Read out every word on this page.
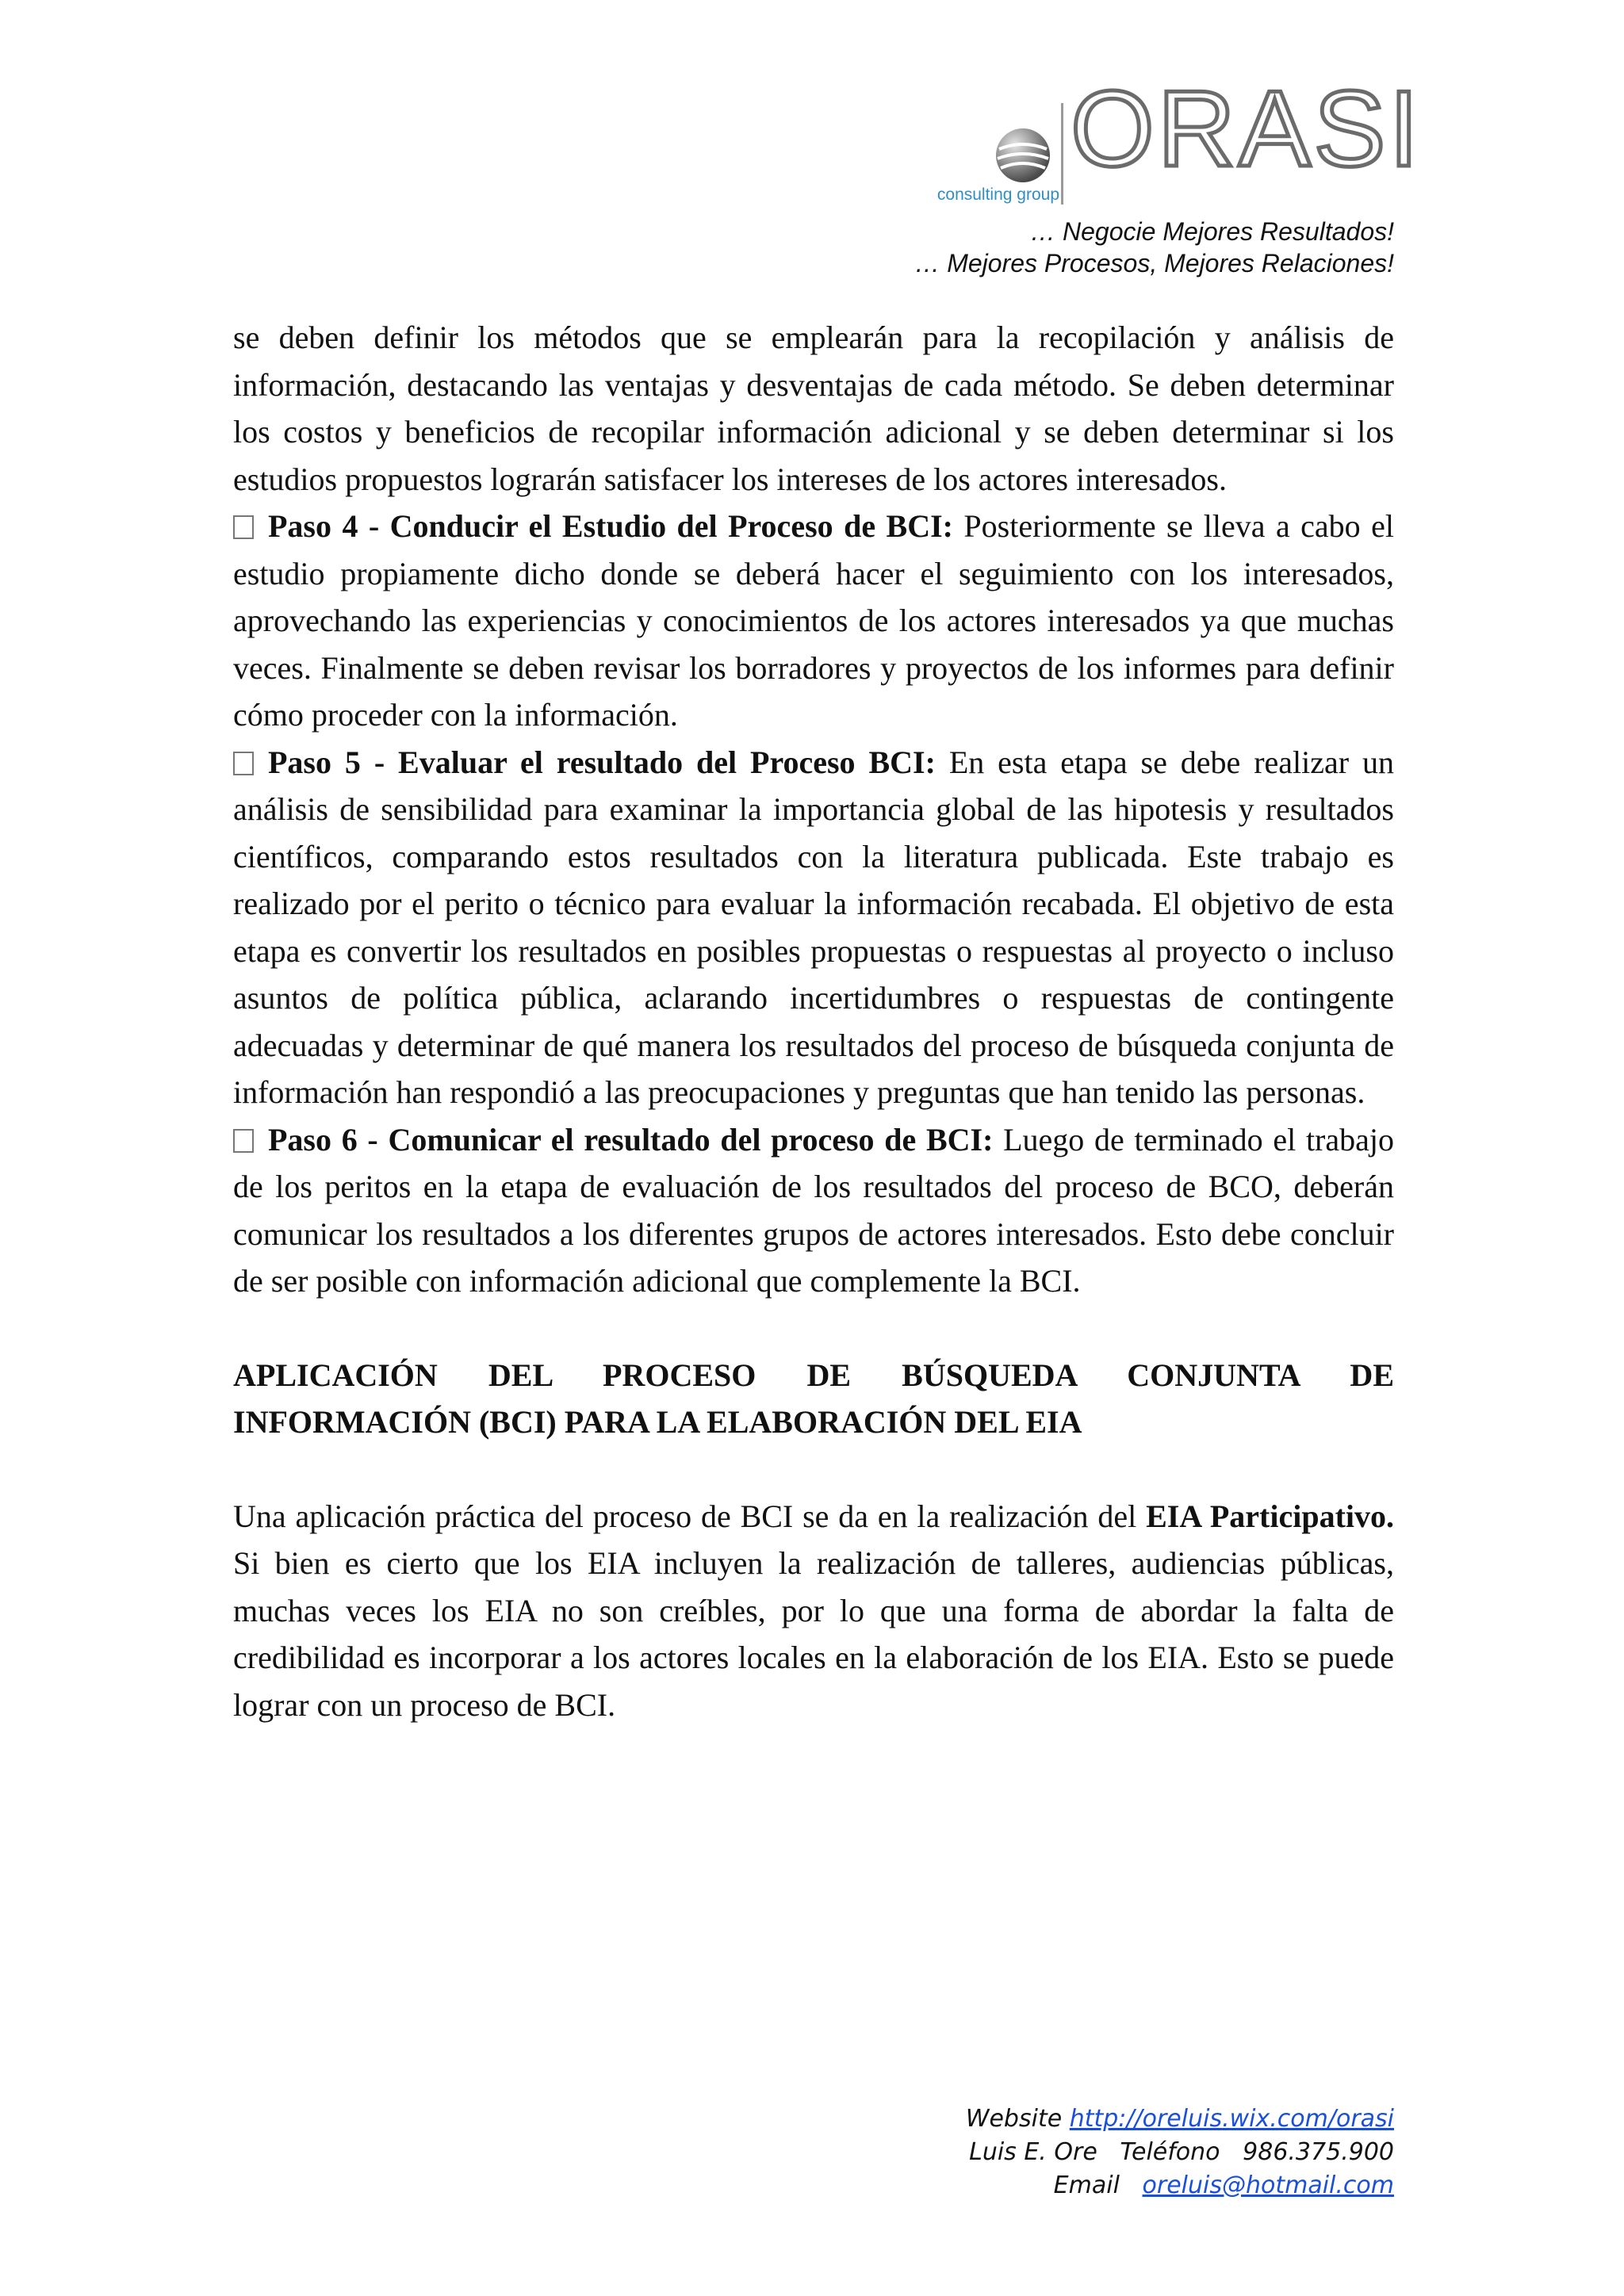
ORASI
consulting group
… Negocie Mejores Resultados!
… Mejores Procesos, Mejores Relaciones!

se deben definir los métodos que se emplearán para la recopilación y análisis de información, destacando las ventajas y desventajas de cada método. Se deben determinar los costos y beneficios de recopilar información adicional y se deben determinar si los estudios propuestos lograrán satisfacer los intereses de los actores interesados.

Paso 4 - Conducir el Estudio del Proceso de BCI: Posteriormente se lleva a cabo el estudio propiamente dicho donde se deberá hacer el seguimiento con los interesados, aprovechando las experiencias y conocimientos de los actores interesados ya que muchas veces. Finalmente se deben revisar los borradores y proyectos de los informes para definir cómo proceder con la información.

Paso 5 - Evaluar el resultado del Proceso BCI: En esta etapa se debe realizar un análisis de sensibilidad para examinar la importancia global de las hipotesis y resultados científicos, comparando estos resultados con la literatura publicada. Este trabajo es realizado por el perito o técnico para evaluar la información recabada. El objetivo de esta etapa es convertir los resultados en posibles propuestas o respuestas al proyecto o incluso asuntos de política pública, aclarando incertidumbres o respuestas de contingente adecuadas y determinar de qué manera los resultados del proceso de búsqueda conjunta de información han respondió a las preocupaciones y preguntas que han tenido las personas.

Paso 6 - Comunicar el resultado del proceso de BCI: Luego de terminado el trabajo de los peritos en la etapa de evaluación de los resultados del proceso de BCO, deberán comunicar los resultados a los diferentes grupos de actores interesados. Esto debe concluir de ser posible con información adicional que complemente la BCI.

APLICACIÓN DEL PROCESO DE BÚSQUEDA CONJUNTA DE
INFORMACIÓN (BCI) PARA LA ELABORACIÓN DEL EIA

Una aplicación práctica del proceso de BCI se da en la realización del EIA Participativo. Si bien es cierto que los EIA incluyen la realización de talleres, audiencias públicas, muchas veces los EIA no son creíbles, por lo que una forma de abordar la falta de credibilidad es incorporar a los actores locales en la elaboración de los EIA. Esto se puede lograr con un proceso de BCI.

Website http://oreluis.wix.com/orasi
Luis E. Ore   Teléfono   986.375.900
Email oreluis@hotmail.com
